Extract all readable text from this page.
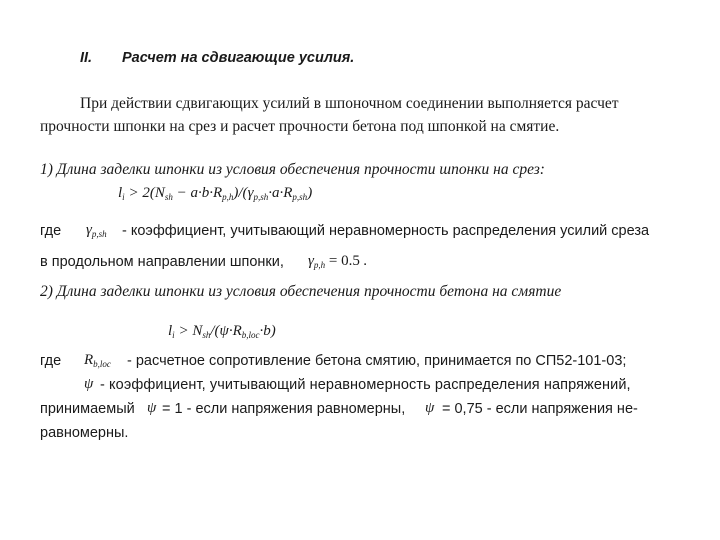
II. Расчет на сдвигающие усилия.
При действии сдвигающих усилий в шпоночном соединении выполняется расчет
прочности шпонки на срез и расчет прочности бетона под шпонкой на смятие.
1) Длина заделки шпонки из условия обеспечения прочности шпонки на срез:
$l_i > 2(N_{sh} - a\cdot b\cdot R_{p,h})/(\gamma_{p,sh}\cdot a\cdot R_{p,sh})$
где $\gamma_{p,sh}$ - коэффициент, учитывающий неравномерность распределения усилий среза
в продольном направлении шпонки, $\gamma_{p,h} = 0.5$ .
2) Длина заделки шпонки из условия обеспечения прочности бетона на смятие
$l_i > N_{sh}/(\psi\cdot R_{b,loc}\cdot b)$
где $R_{b,loc}$ - расчетное сопротивление бетона смятию, принимается по СП52-101-03;
ψ - коэффициент, учитывающий неравномерность распределения напряжений,
принимаемый ψ = 1 - если напряжения равномерны, ψ = 0,75 - если напряжения не-
равномерны.
